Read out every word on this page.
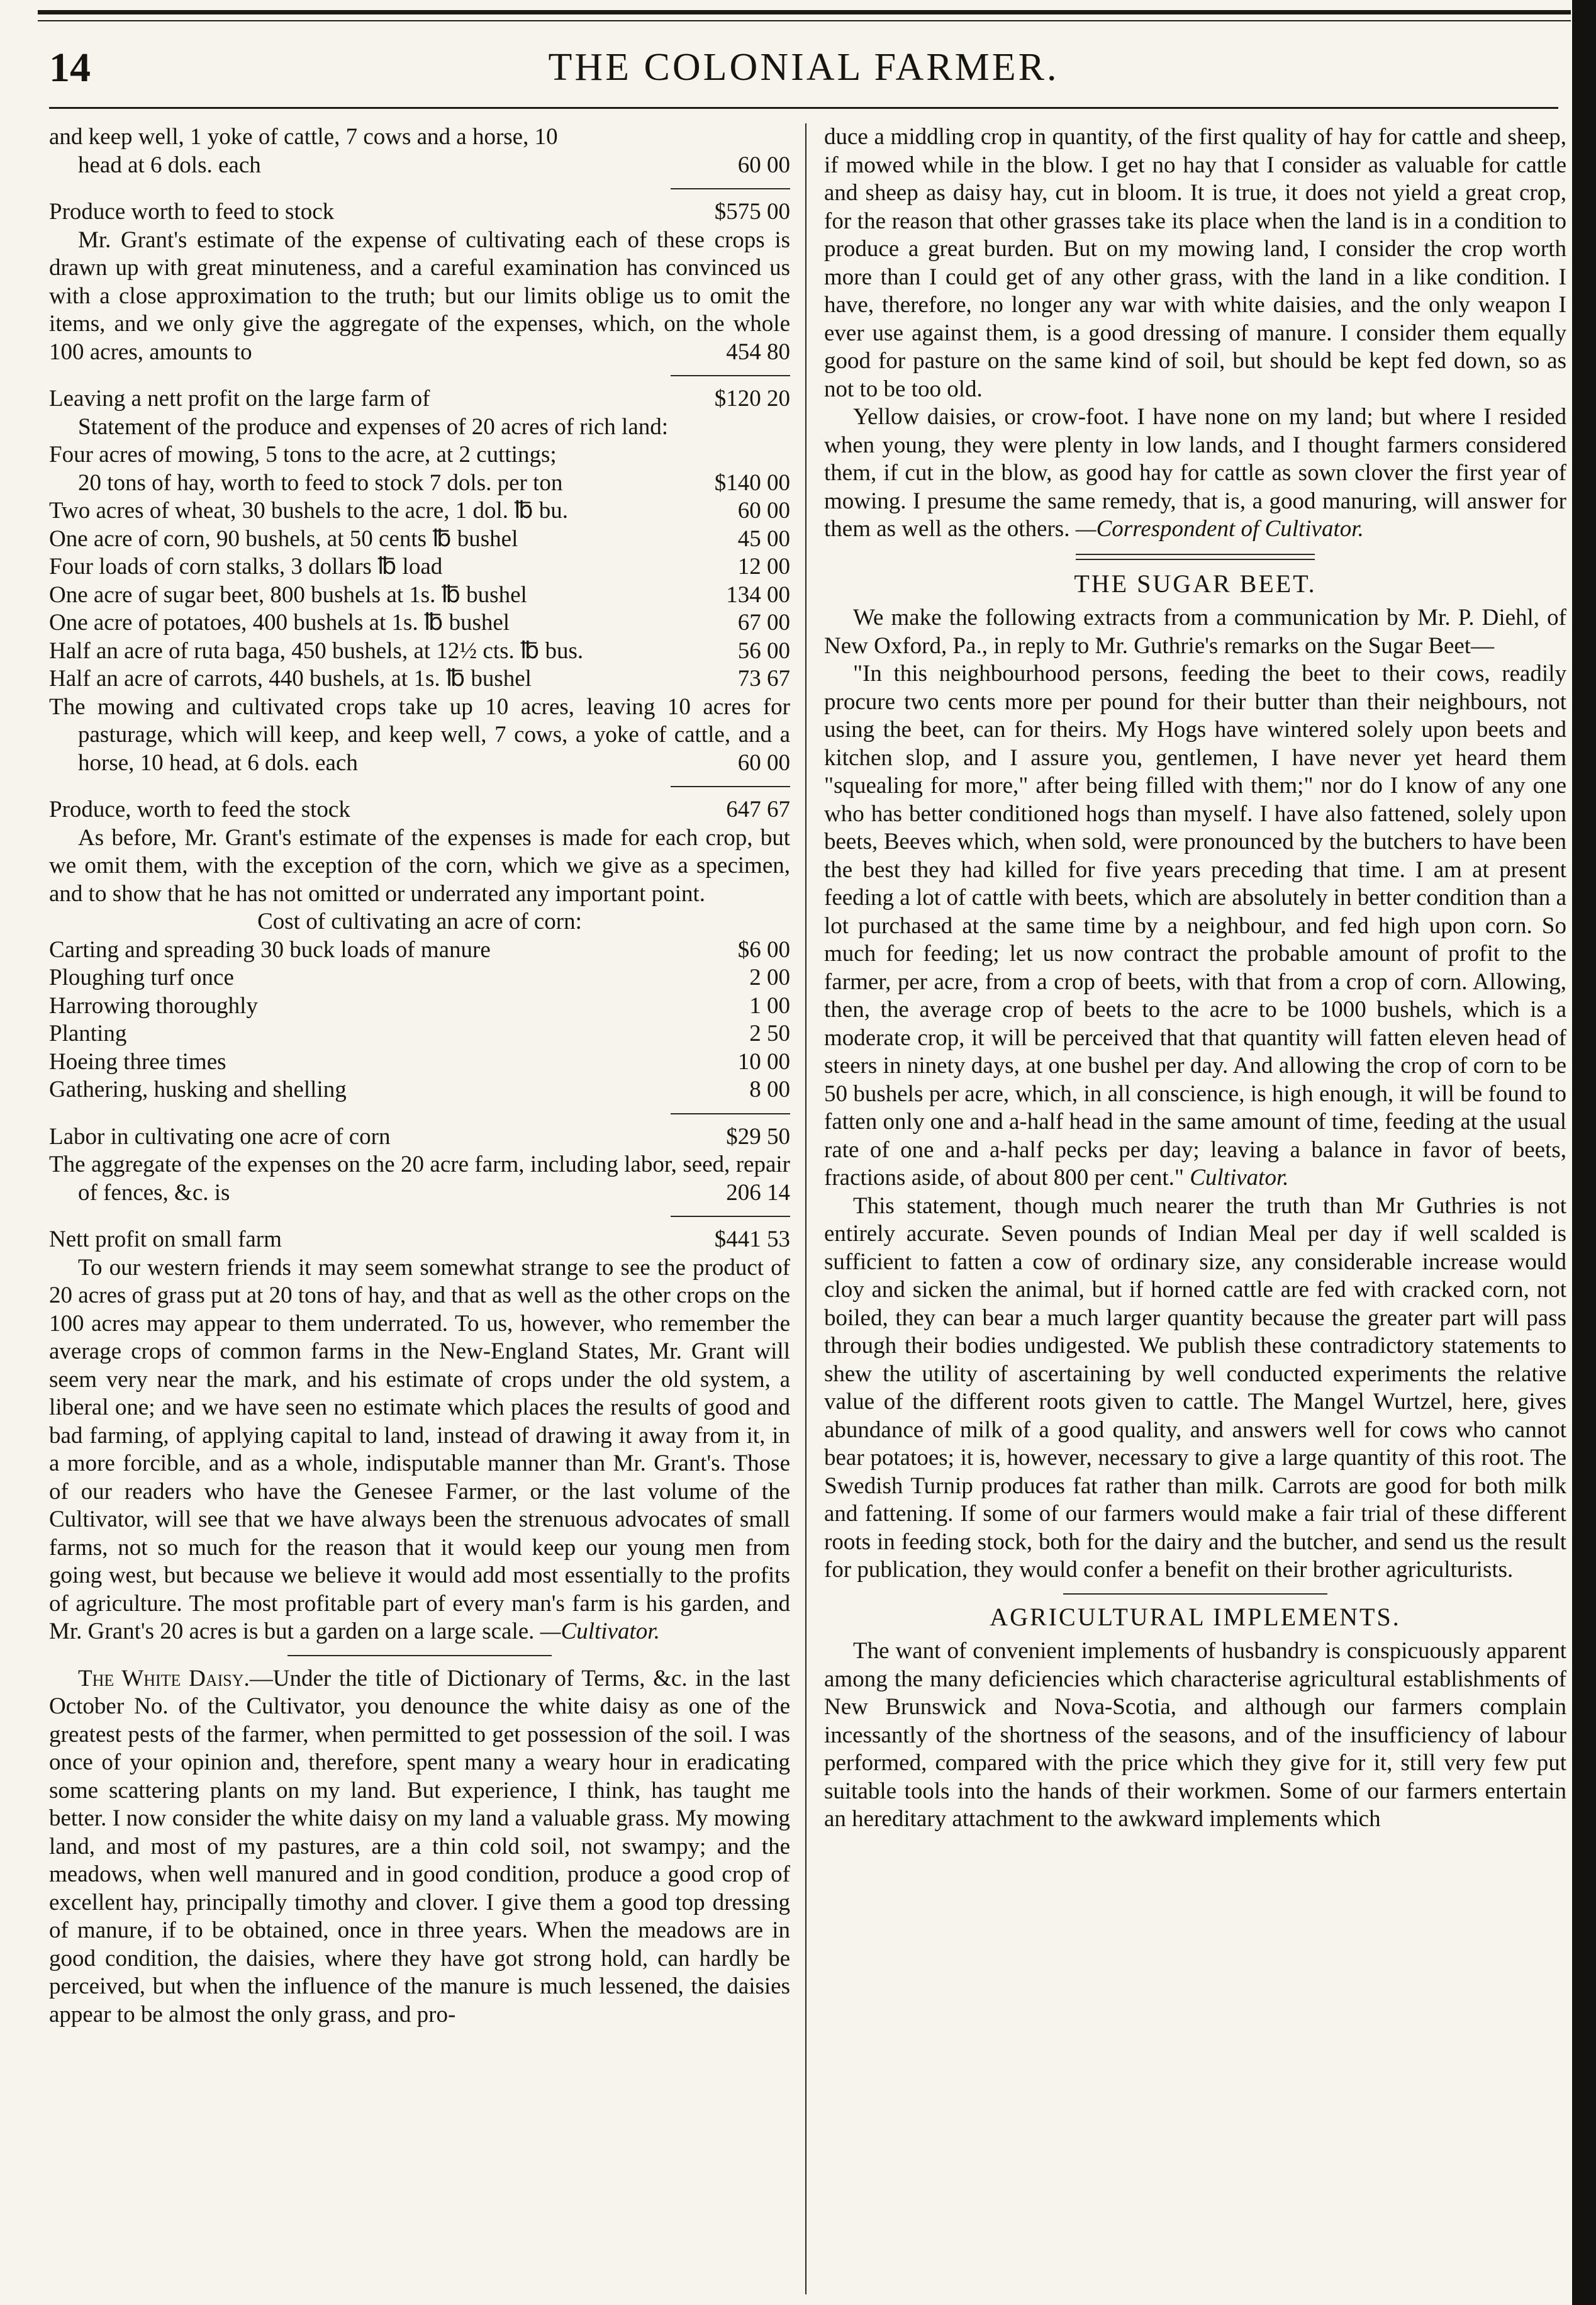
14	THE COLONIAL FARMER.
and keep well, 1 yoke of cattle, 7 cows and a horse, 10
head at 6 dols. each	60 00
Produce worth to feed to stock	$575 00

Mr. Grant's estimate of the expense of cultivating each of these crops is drawn up with great minuteness, and a careful examination has convinced us with a close approximation to the truth; but our limits oblige us to omit the items, and we only give the aggregate of the expenses, which, on the whole 100 acres, amounts to	454 80

Leaving a nett profit on the large farm of	$120 20

Statement of the produce and expenses of 20 acres of rich land:

Four acres of mowing, 5 tons to the acre, at 2 cuttings;
20 tons of hay, worth to feed to stock 7 dols. per ton	$140 00
Two acres of wheat, 30 bushels to the acre, 1 dol. ℔ bu.	60 00
One acre of corn, 90 bushels, at 50 cents ℔ bushel	45 00
Four loads of corn stalks, 3 dollars ℔ load	12 00
One acre of sugar beet, 800 bushels at 1s. ℔ bushel	134 00
One acre of potatoes, 400 bushels at 1s. ℔ bushel	67 00
Half an acre of ruta baga, 450 bushels, at 12½ cts. ℔ bus.	56 00
Half an acre of carrots, 440 bushels, at 1s. ℔ bushel	73 67

The mowing and cultivated crops take up 10 acres, leaving 10 acres for pasturage, which will keep, and keep well, 7 cows, a yoke of cattle, and a horse, 10 head, at 6 dols. each	60 00

Produce, worth to feed the stock	647 67

As before, Mr. Grant's estimate of the expenses is made for each crop, but we omit them, with the exception of the corn, which we give as a specimen, and to show that he has not omitted or underrated any important point.

Cost of cultivating an acre of corn:
Carting and spreading 30 buck loads of manure	$6 00
Ploughing turf once	2 00
Harrowing thoroughly	1 00
Planting	2 50
Hoeing three times	10 00
Gathering, husking and shelling	8 00
Labor in cultivating one acre of corn	$29 50

The aggregate of the expenses on the 20 acre farm, including labor, seed, repair of fences, &c. is	206 14

Nett profit on small farm	$441 53

To our western friends it may seem somewhat strange to see the product of 20 acres of grass put at 20 tons of hay, and that as well as the other crops on the 100 acres may appear to them underrated. To us, however, who remember the average crops of common farms in the New-England States, Mr. Grant will seem very near the mark, and his estimate of crops under the old system, a liberal one; and we have seen no estimate which places the results of good and bad farming, of applying capital to land, instead of drawing it away from it, in a more forcible, and as a whole, indisputable manner than Mr. Grant's. Those of our readers who have the Genesee Farmer, or the last volume of the Cultivator, will see that we have always been the strenuous advocates of small farms, not so much for the reason that it would keep our young men from going west, but because we believe it would add most essentially to the profits of agriculture. The most profitable part of every man's farm is his garden, and Mr. Grant's 20 acres is but a garden on a large scale. —Cultivator.

The White Daisy.—Under the title of Dictionary of Terms, &c. in the last October No. of the Cultivator, you denounce the white daisy as one of the greatest pests of the farmer, when permitted to get possession of the soil. I was once of your opinion and, therefore, spent many a weary hour in eradicating some scattering plants on my land. But experience, I think, has taught me better. I now consider the white daisy on my land a valuable grass. My mowing land, and most of my pastures, are a thin cold soil, not swampy; and the meadows, when well manured and in good condition, produce a good crop of excellent hay, principally timothy and clover. I give them a good top dressing of manure, if to be obtained, once in three years. When the meadows are in good condition, the daisies, where they have got strong hold, can hardly be perceived, but when the influence of the manure is much lessened, the daisies appear to be almost the only grass, and pro-

duce a middling crop in quantity, of the first quality of hay for cattle and sheep, if mowed while in the blow. I get no hay that I consider as valuable for cattle and sheep as daisy hay, cut in bloom. It is true, it does not yield a great crop, for the reason that other grasses take its place when the land is in a condition to produce a great burden. But on my mowing land, I consider the crop worth more than I could get of any other grass, with the land in a like condition. I have, therefore, no longer any war with white daisies, and the only weapon I ever use against them, is a good dressing of manure. I consider them equally good for pasture on the same kind of soil, but should be kept fed down, so as not to be too old.

Yellow daisies, or crow-foot. I have none on my land; but where I resided when young, they were plenty in low lands, and I thought farmers considered them, if cut in the blow, as good hay for cattle as sown clover the first year of mowing. I presume the same remedy, that is, a good manuring, will answer for them as well as the others. —Correspondent of Cultivator.

THE SUGAR BEET.

We make the following extracts from a communication by Mr. P. Diehl, of New Oxford, Pa., in reply to Mr. Guthrie's remarks on the Sugar Beet—

"In this neighbourhood persons, feeding the beet to their cows, readily procure two cents more per pound for their butter than their neighbours, not using the beet, can for theirs. My Hogs have wintered solely upon beets and kitchen slop, and I assure you, gentlemen, I have never yet heard them "squealing for more," after being filled with them;" nor do I know of any one who has better conditioned hogs than myself. I have also fattened, solely upon beets, Beeves which, when sold, were pronounced by the butchers to have been the best they had killed for five years preceding that time. I am at present feeding a lot of cattle with beets, which are absolutely in better condition than a lot purchased at the same time by a neighbour, and fed high upon corn. So much for feeding; let us now contract the probable amount of profit to the farmer, per acre, from a crop of beets, with that from a crop of corn. Allowing, then, the average crop of beets to the acre to be 1000 bushels, which is a moderate crop, it will be perceived that that quantity will fatten eleven head of steers in ninety days, at one bushel per day. And allowing the crop of corn to be 50 bushels per acre, which, in all conscience, is high enough, it will be found to fatten only one and a-half head in the same amount of time, feeding at the usual rate of one and a-half pecks per day; leaving a balance in favor of beets, fractions aside, of about 800 per cent." Cultivator.

This statement, though much nearer the truth than Mr Guthries is not entirely accurate. Seven pounds of Indian Meal per day if well scalded is sufficient to fatten a cow of ordinary size, any considerable increase would cloy and sicken the animal, but if horned cattle are fed with cracked corn, not boiled, they can bear a much larger quantity because the greater part will pass through their bodies undigested. We publish these contradictory statements to shew the utility of ascertaining by well conducted experiments the relative value of the different roots given to cattle. The Mangel Wurtzel, here, gives abundance of milk of a good quality, and answers well for cows who cannot bear potatoes; it is, however, necessary to give a large quantity of this root. The Swedish Turnip produces fat rather than milk. Carrots are good for both milk and fattening. If some of our farmers would make a fair trial of these different roots in feeding stock, both for the dairy and the butcher, and send us the result for publication, they would confer a benefit on their brother agriculturists.

AGRICULTURAL IMPLEMENTS.

The want of convenient implements of husbandry is conspicuously apparent among the many deficiencies which characterise agricultural establishments of New Brunswick and Nova-Scotia, and although our farmers complain incessantly of the shortness of the seasons, and of the insufficiency of labour performed, compared with the price which they give for it, still very few put suitable tools into the hands of their workmen. Some of our farmers entertain an hereditary attachment to the awkward implements which
